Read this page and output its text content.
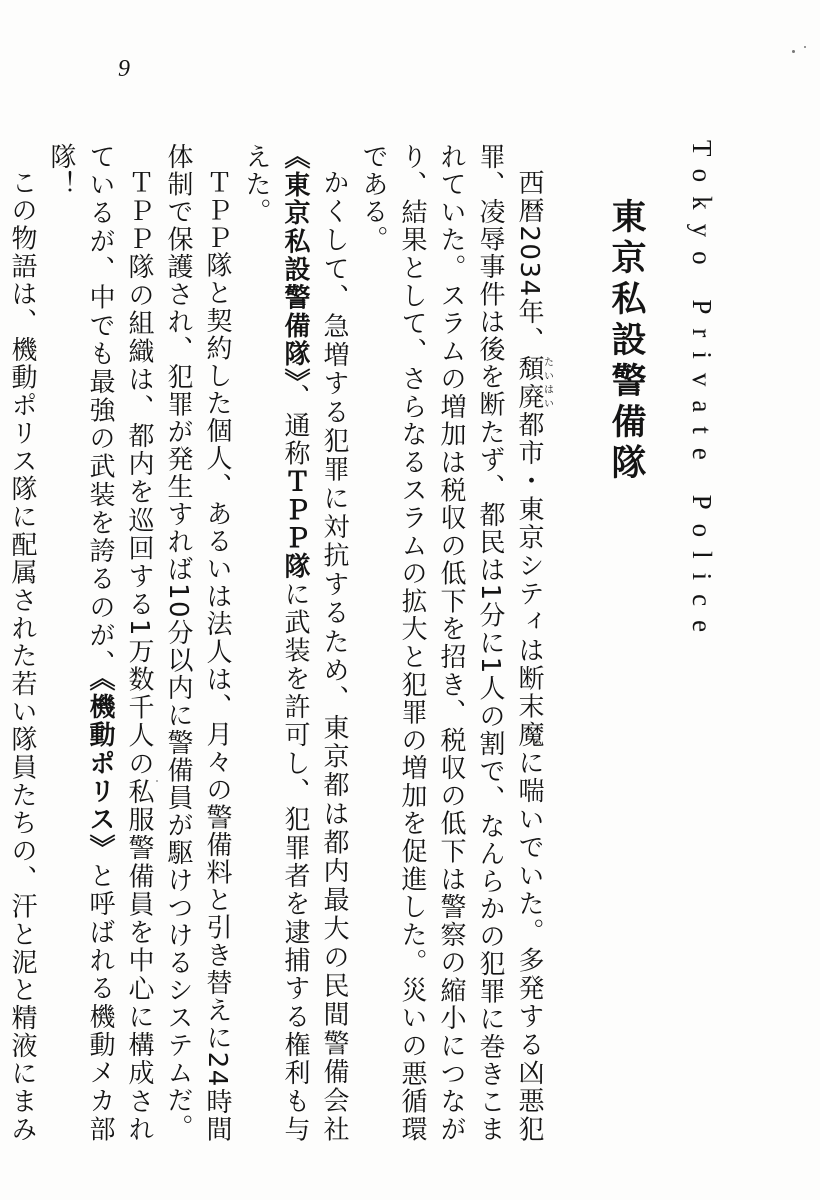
9
Tokyo Private Police
東京私設警備隊

西暦2034年、頽廃たいはい都市・東京シティは断末魔に喘いでいた。多発する凶悪犯罪、凌辱事件は後を断たず、都民は1分に1人の割で、なんらかの犯罪に巻きこまれていた。スラムの増加は税収の低下を招き、税収の低下は警察の縮小につながり、結果として、さらなるスラムの拡大と犯罪の増加を促進した。災いの悪循環である。

かくして、急増する犯罪に対抗するため、東京都は都内最大の民間警備会社《東京私設警備隊》、通称ＴＰＰ隊に武装を許可し、犯罪者を逮捕する権利も与えた。

ＴＰＰ隊と契約した個人、あるいは法人は、月々の警備料と引き替えに24時間体制で保護され、犯罪が発生すれば10分以内に警備員が駆けつけるシステムだ。

ＴＰＰ隊の組織は、都内を巡回する1万数千人の私服警備員を中心に構成されているが、中でも最強の武装を誇るのが、《機動ポリス》と呼ばれる機動メカ部隊！

この物語は、機動ポリス隊に配属された若い隊員たちの、汗と泥と精液にまみ
